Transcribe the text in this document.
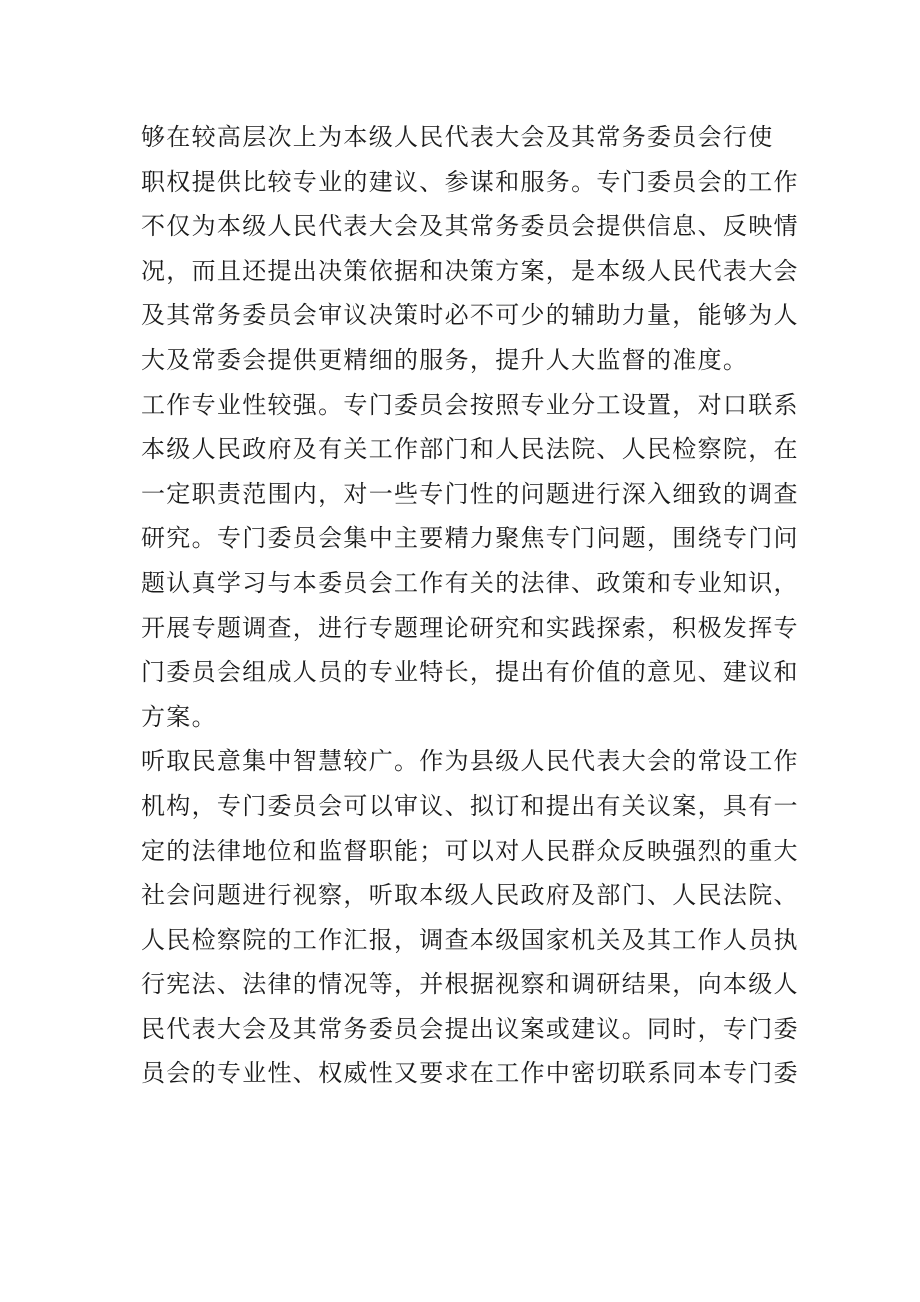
够在较高层次上为本级人民代表大会及其常务委员会行使
职权提供比较专业的建议、参谋和服务。专门委员会的工作
不仅为本级人民代表大会及其常务委员会提供信息、反映情
况，而且还提出决策依据和决策方案，是本级人民代表大会
及其常务委员会审议决策时必不可少的辅助力量，能够为人
大及常委会提供更精细的服务，提升人大监督的准度。
工作专业性较强。专门委员会按照专业分工设置，对口联系
本级人民政府及有关工作部门和人民法院、人民检察院，在
一定职责范围内，对一些专门性的问题进行深入细致的调查
研究。专门委员会集中主要精力聚焦专门问题，围绕专门问
题认真学习与本委员会工作有关的法律、政策和专业知识，
开展专题调查，进行专题理论研究和实践探索，积极发挥专
门委员会组成人员的专业特长，提出有价值的意见、建议和
方案。
听取民意集中智慧较广。作为县级人民代表大会的常设工作
机构，专门委员会可以审议、拟订和提出有关议案，具有一
定的法律地位和监督职能；可以对人民群众反映强烈的重大
社会问题进行视察，听取本级人民政府及部门、人民法院、
人民检察院的工作汇报，调查本级国家机关及其工作人员执
行宪法、法律的情况等，并根据视察和调研结果，向本级人
民代表大会及其常务委员会提出议案或建议。同时，专门委
员会的专业性、权威性又要求在工作中密切联系同本专门委
